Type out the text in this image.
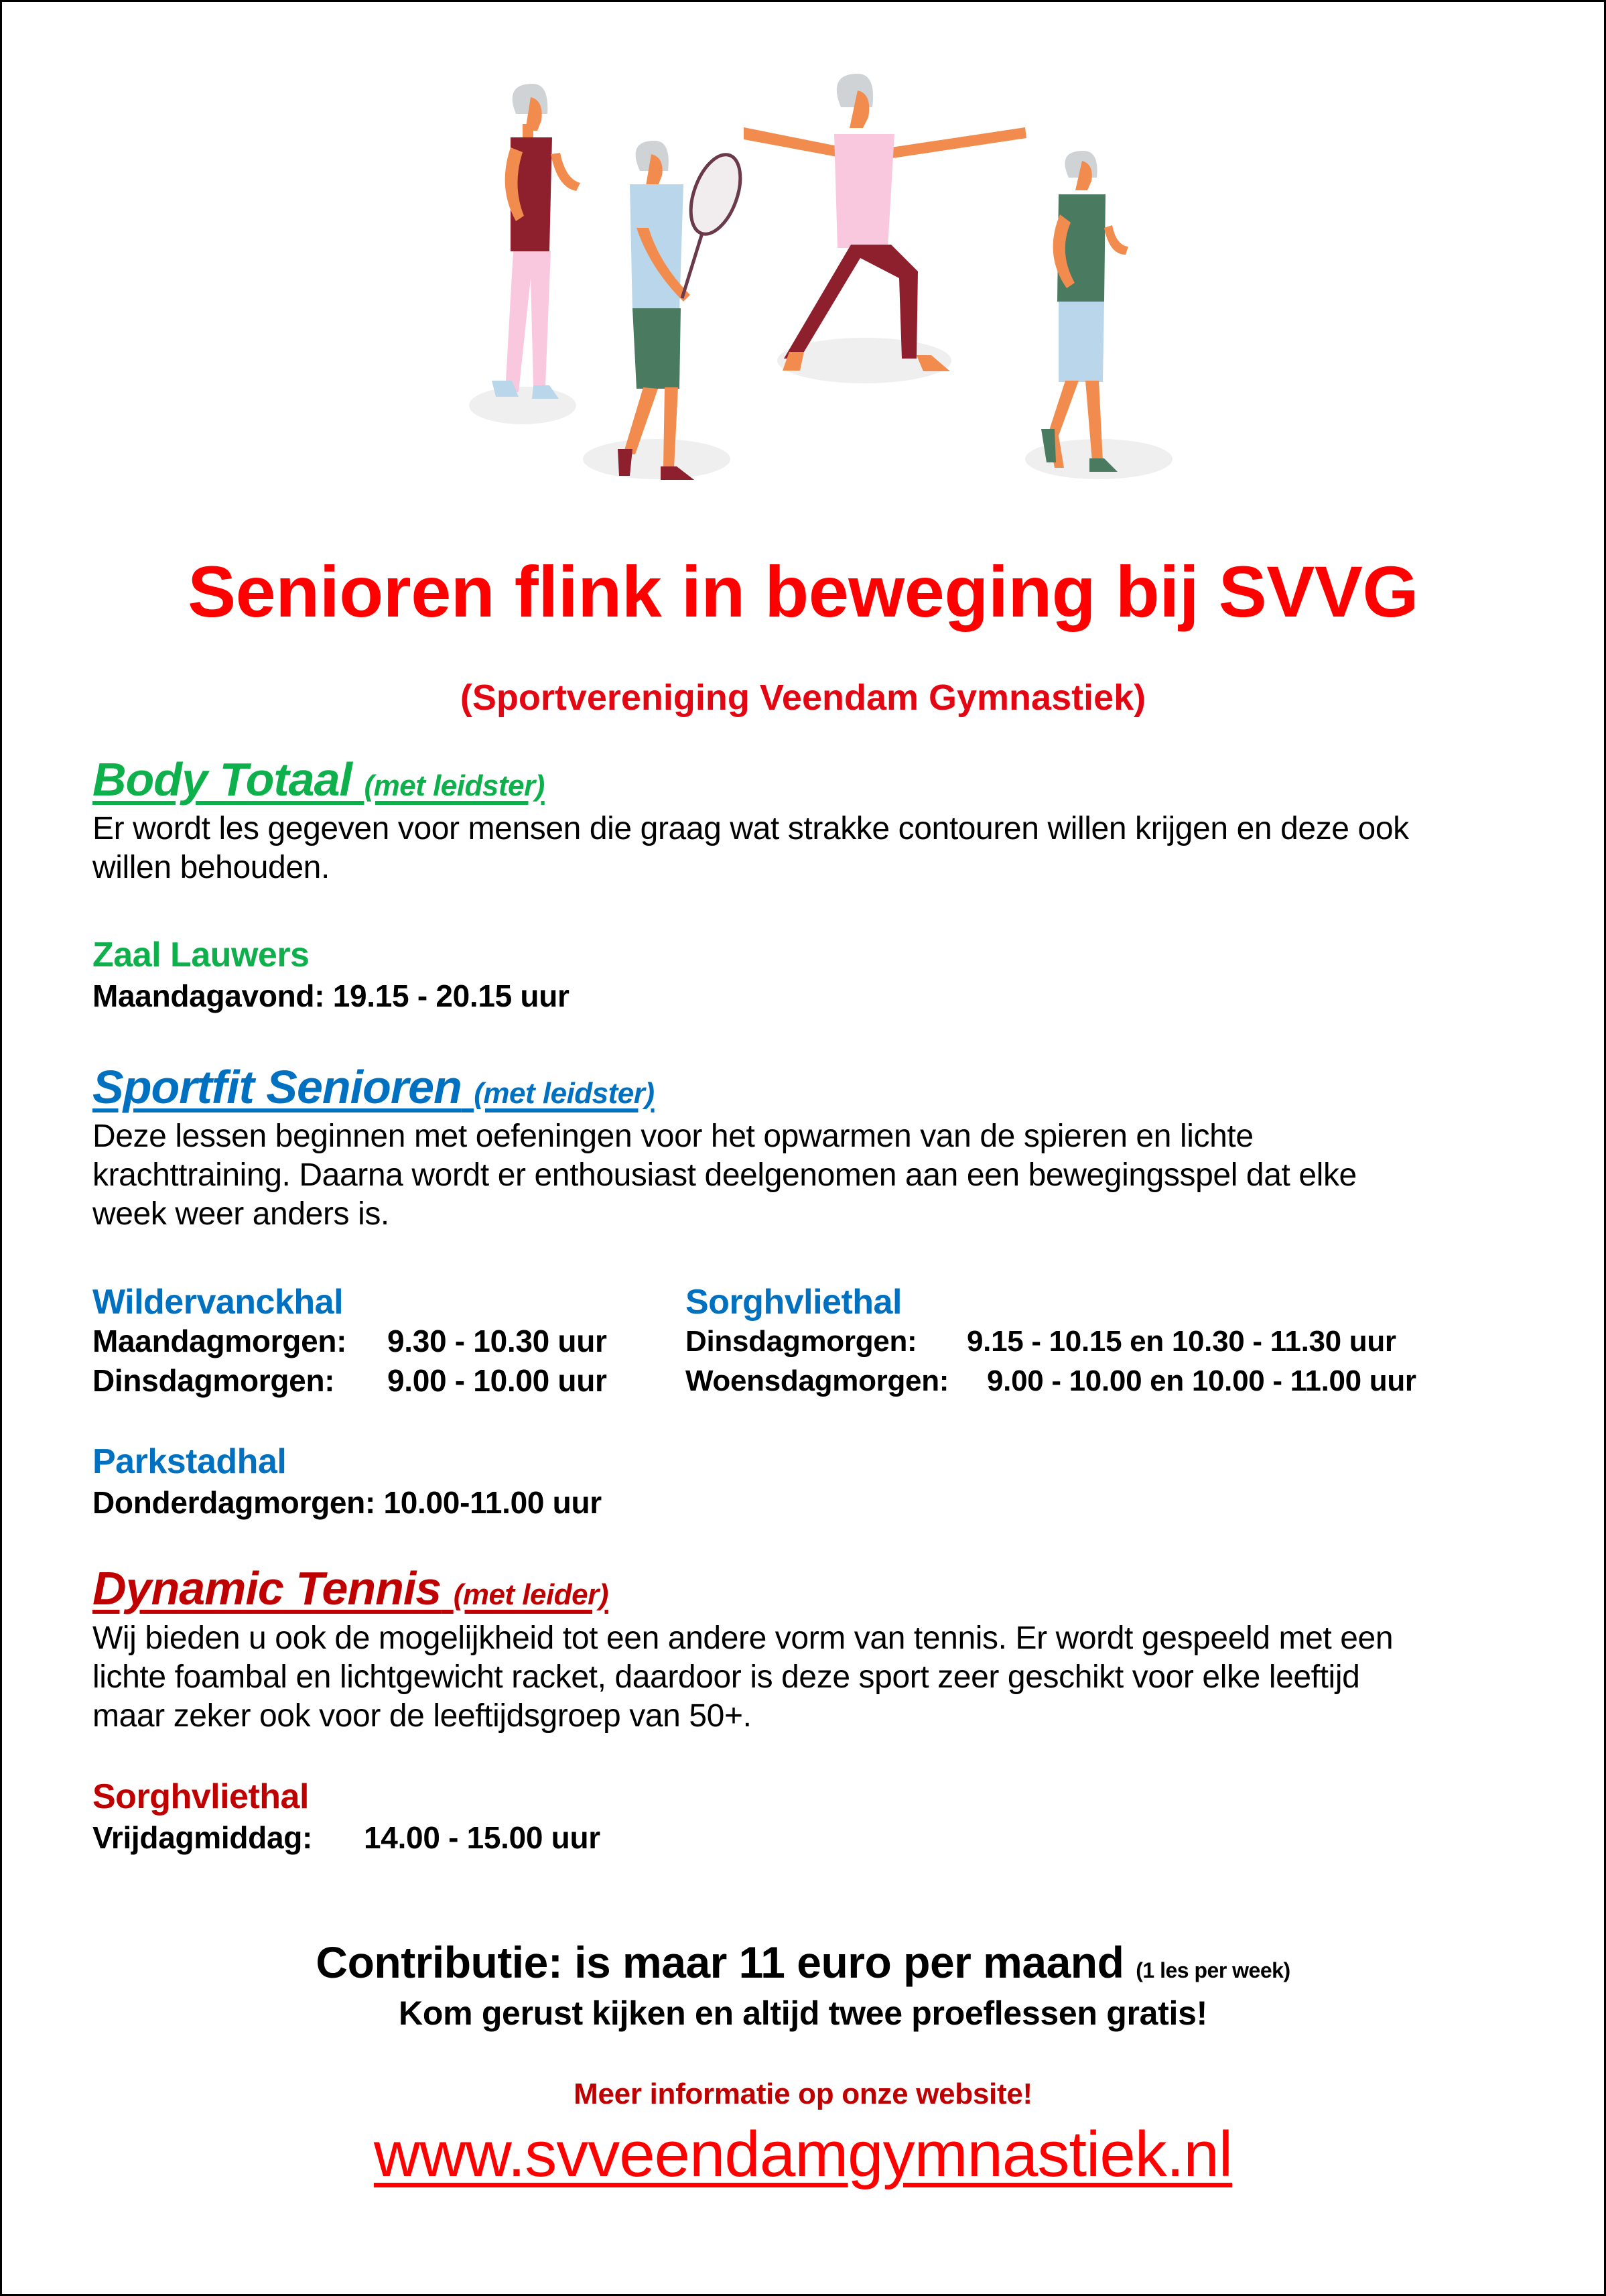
Senioren flink in beweging bij SVVG
(Sportvereniging Veendam Gymnastiek)
Body Totaal (met leidster)
Er wordt les gegeven voor mensen die graag wat strakke contouren willen krijgen en deze ook
willen behouden.
Zaal Lauwers
Maandagavond: 19.15 - 20.15 uur
Sportfit Senioren (met leidster)
Deze lessen beginnen met oefeningen voor het opwarmen van de spieren en lichte
krachttraining. Daarna wordt er enthousiast deelgenomen aan een bewegingsspel dat elke
week weer anders is.
Wildervanckhal
Maandagmorgen: 9.30 - 10.30 uur
Dinsdagmorgen: 9.00 - 10.00 uur
Sorghvliethal
Dinsdagmorgen: 9.15 - 10.15 en 10.30 - 11.30 uur
Woensdagmorgen: 9.00 - 10.00 en 10.00 - 11.00 uur
Parkstadhal
Donderdagmorgen: 10.00-11.00 uur
Dynamic Tennis (met leider)
Wij bieden u ook de mogelijkheid tot een andere vorm van tennis. Er wordt gespeeld met een
lichte foambal en lichtgewicht racket, daardoor is deze sport zeer geschikt voor elke leeftijd
maar zeker ook voor de leeftijdsgroep van 50+.
Sorghvliethal
Vrijdagmiddag: 14.00 - 15.00 uur
Contributie: is maar 11 euro per maand (1 les per week)
Kom gerust kijken en altijd twee proeflessen gratis!
Meer informatie op onze website!
www.svveendamgymnastiek.nl
